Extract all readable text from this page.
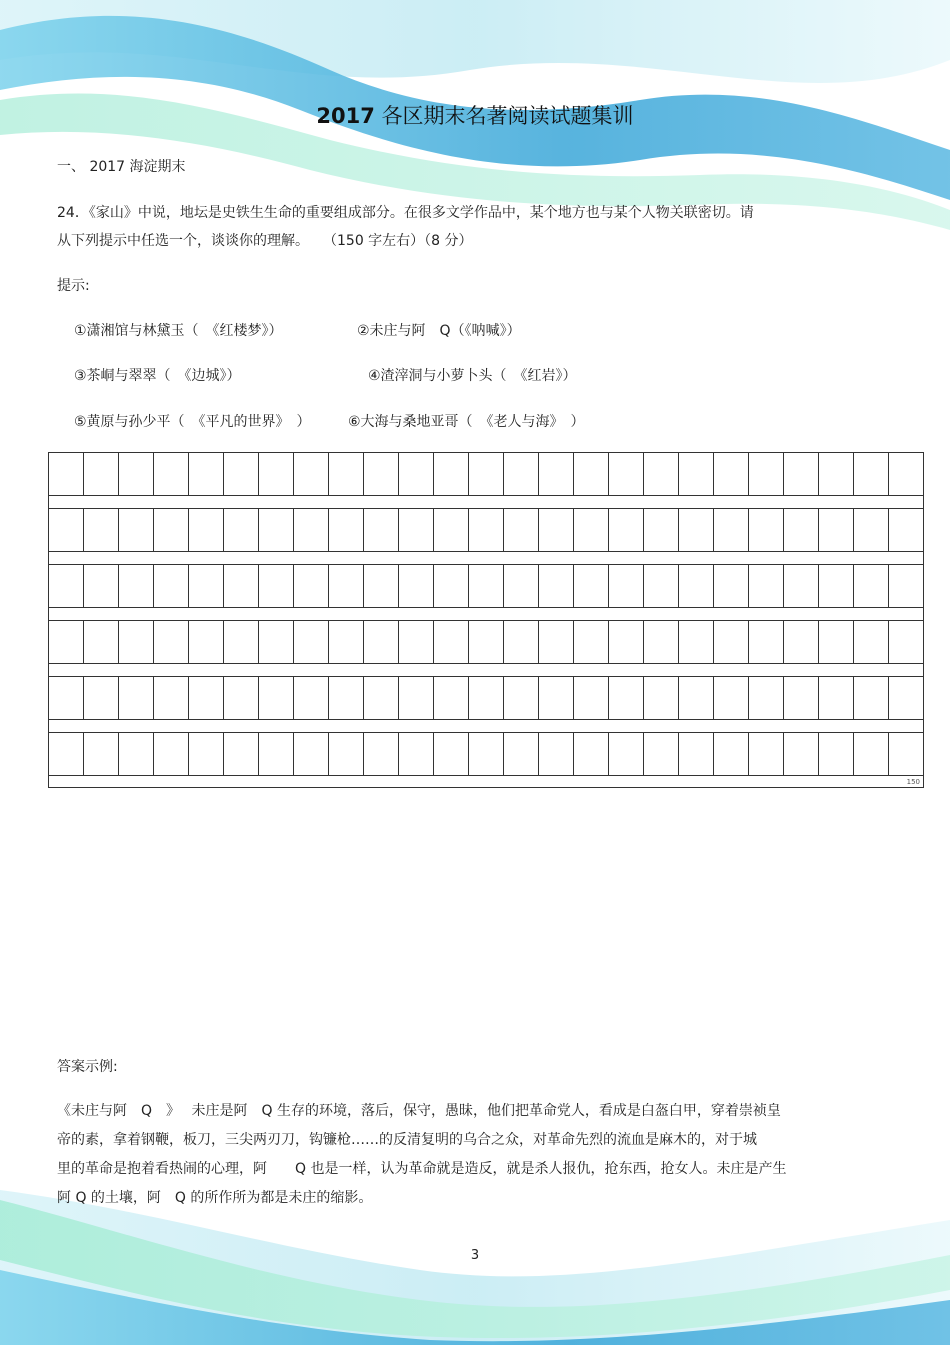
2017 各区期末名著阅读试题集训
一、 2017 海淀期末
24．《家山》中说，地坛是史铁生生命的重要组成部分。在很多文学作品中，某个地方也与某个人物关联密切。请
从下列提示中任选一个，谈谈你的理解。　　（150 字左右）（8 分）
提示:
①潇湘馆与林黛玉（　《红楼梦》）	②未庄与阿　Q（《呐喊》）
③茶峒与翠翠（　《边城》）	④渣滓洞与小萝卜头（　《红岩》）
⑤黄原与孙少平（　《平凡的世界》　）	⑥大海与桑地亚哥（　《老人与海》　）
150
答案示例:
《未庄与阿　Q　》　 未庄是阿　Q 生存的环境，落后，保守，愚昧，他们把革命党人，看成是白盔白甲，穿着崇祯皇
帝的素，拿着钢鞭，板刀，三尖两刃刀，钩镰枪……的反清复明的乌合之众，对革命先烈的流血是麻木的，对于城
里的革命是抱着看热闹的心理，阿　　Q 也是一样，认为革命就是造反，就是杀人报仇，抢东西，抢女人。未庄是产生
阿 Q 的土壤，阿　Q 的所作所为都是未庄的缩影。
3
